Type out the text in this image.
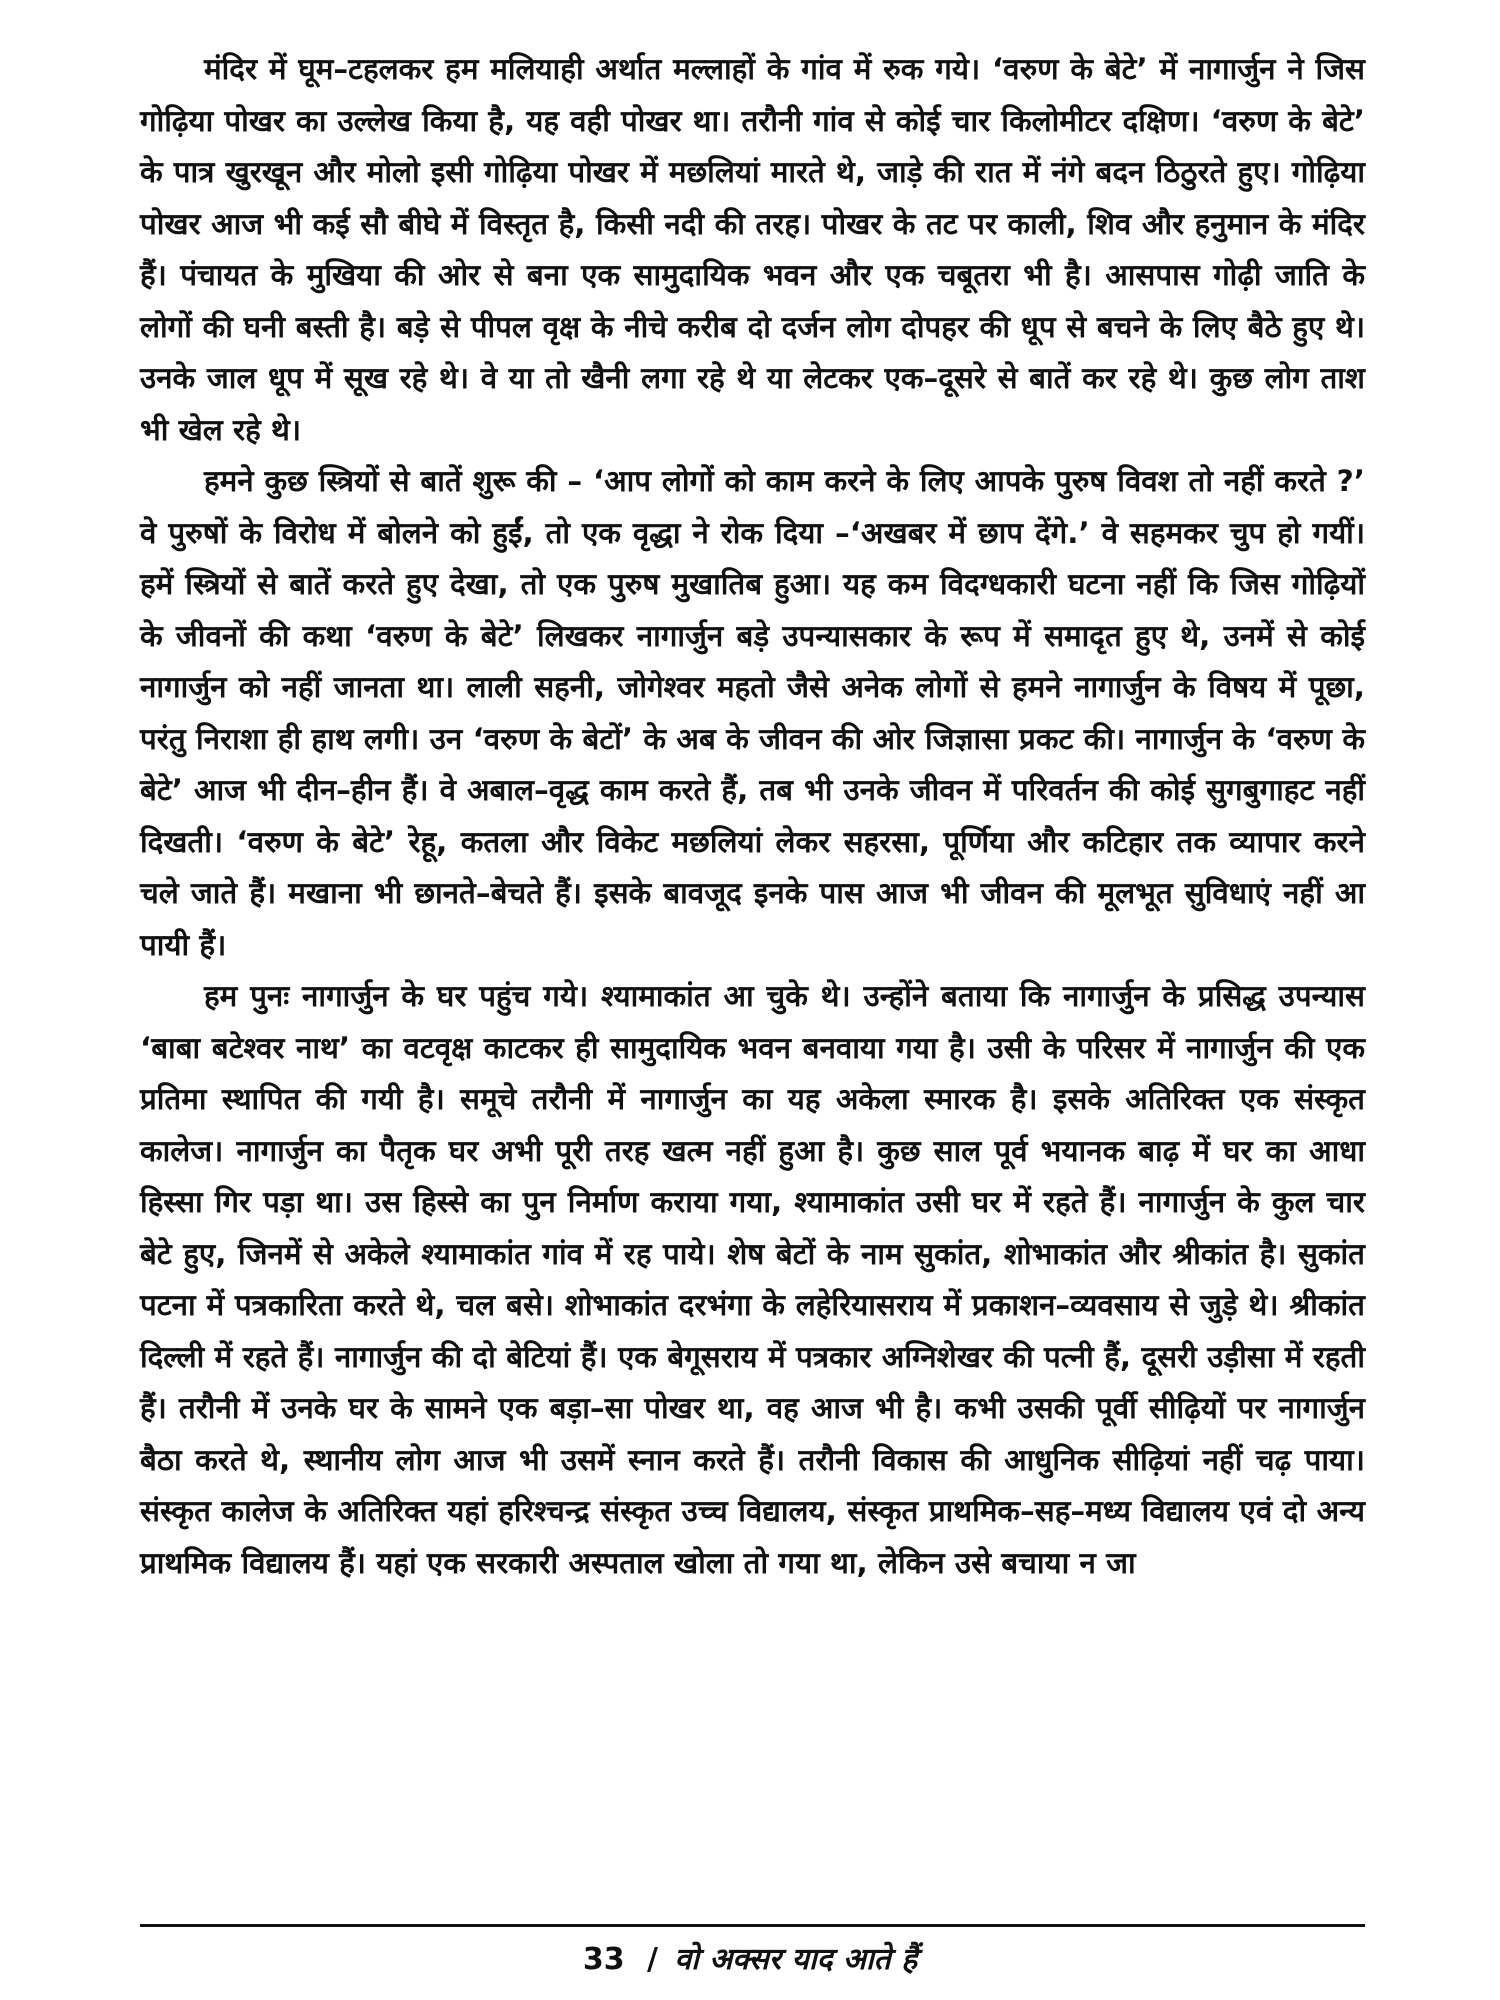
मंदिर में घूम–टहलकर हम मलियाही अर्थात मल्लाहों के गांव में रुक गये। ‘वरुण के बेटे’ में नागार्जुन ने जिस गोढ़िया पोखर का उल्लेख किया है, यह वही पोखर था। तरौनी गांव से कोई चार किलोमीटर दक्षिण। ‘वरुण के बेटे’ के पात्र खुरखून और मोलो इसी गोढ़िया पोखर में मछलियां मारते थे, जाड़े की रात में नंगे बदन ठिठुरते हुए। गोढ़िया पोखर आज भी कई सौ बीघे में विस्तृत है, किसी नदी की तरह। पोखर के तट पर काली, शिव और हनुमान के मंदिर हैं। पंचायत के मुखिया की ओर से बना एक सामुदायिक भवन और एक चबूतरा भी है। आसपास गोढ़ी जाति के लोगों की घनी बस्ती है। बड़े से पीपल वृक्ष के नीचे करीब दो दर्जन लोग दोपहर की धूप से बचने के लिए बैठे हुए थे। उनके जाल धूप में सूख रहे थे। वे या तो खैनी लगा रहे थे या लेटकर एक–दूसरे से बातें कर रहे थे। कुछ लोग ताश भी खेल रहे थे।

हमने कुछ स्त्रियों से बातें शुरू की – ‘आप लोगों को काम करने के लिए आपके पुरुष विवश तो नहीं करते ?’ वे पुरुषों के विरोध में बोलने को हुईं, तो एक वृद्धा ने रोक दिया –‘अखबर में छाप देंगे.’ वे सहमकर चुप हो गयीं। हमें स्त्रियों से बातें करते हुए देखा, तो एक पुरुष मुखातिब हुआ। यह कम विदग्धकारी घटना नहीं कि जिस गोढ़ियों के जीवनों की कथा ‘वरुण के बेटे’ लिखकर नागार्जुन बड़े उपन्यासकार के रूप में समादृत हुए थे, उनमें से कोई नागार्जुन को नहीं जानता था। लाली सहनी, जोगेश्वर महतो जैसे अनेक लोगों से हमने नागार्जुन के विषय में पूछा, परंतु निराशा ही हाथ लगी। उन ‘वरुण के बेटों’ के अब के जीवन की ओर जिज्ञासा प्रकट की। नागार्जुन के ‘वरुण के बेटे’ आज भी दीन–हीन हैं। वे अबाल–वृद्ध काम करते हैं, तब भी उनके जीवन में परिवर्तन की कोई सुगबुगाहट नहीं दिखती। ‘वरुण के बेटे’ रेहू, कतला और विकेट मछलियां लेकर सहरसा, पूर्णिया और कटिहार तक व्यापार करने चले जाते हैं। मखाना भी छानते–बेचते हैं। इसके बावजूद इनके पास आज भी जीवन की मूलभूत सुविधाएं नहीं आ पायी हैं।

हम पुनः नागार्जुन के घर पहुंच गये। श्यामाकांत आ चुके थे। उन्होंने बताया कि नागार्जुन के प्रसिद्ध उपन्यास ‘बाबा बटेश्वर नाथ’ का वटवृक्ष काटकर ही सामुदायिक भवन बनवाया गया है। उसी के परिसर में नागार्जुन की एक प्रतिमा स्थापित की गयी है। समूचे तरौनी में नागार्जुन का यह अकेला स्मारक है। इसके अतिरिक्त एक संस्कृत कालेज। नागार्जुन का पैतृक घर अभी पूरी तरह खत्म नहीं हुआ है। कुछ साल पूर्व भयानक बाढ़ में घर का आधा हिस्सा गिर पड़ा था। उस हिस्से का पुन निर्माण कराया गया, श्यामाकांत उसी घर में रहते हैं। नागार्जुन के कुल चार बेटे हुए, जिनमें से अकेले श्यामाकांत गांव में रह पाये। शेष बेटों के नाम सुकांत, शोभाकांत और श्रीकांत है। सुकांत पटना में पत्रकारिता करते थे, चल बसे। शोभाकांत दरभंगा के लहेरियासराय में प्रकाशन–व्यवसाय से जुड़े थे। श्रीकांत दिल्ली में रहते हैं। नागार्जुन की दो बेटियां हैं। एक बेगूसराय में पत्रकार अग्निशेखर की पत्नी हैं, दूसरी उड़ीसा में रहती हैं। तरौनी में उनके घर के सामने एक बड़ा–सा पोखर था, वह आज भी है। कभी उसकी पूर्वी सीढ़ियों पर नागार्जुन बैठा करते थे, स्थानीय लोग आज भी उसमें स्नान करते हैं। तरौनी विकास की आधुनिक सीढ़ियां नहीं चढ़ पाया। संस्कृत कालेज के अतिरिक्त यहां हरिश्चन्द्र संस्कृत उच्च विद्यालय, संस्कृत प्राथमिक–सह–मध्य विद्यालय एवं दो अन्य प्राथमिक विद्यालय हैं। यहां एक सरकारी अस्पताल खोला तो गया था, लेकिन उसे बचाया न जा

33 / वो अक्सर याद आते हैं
